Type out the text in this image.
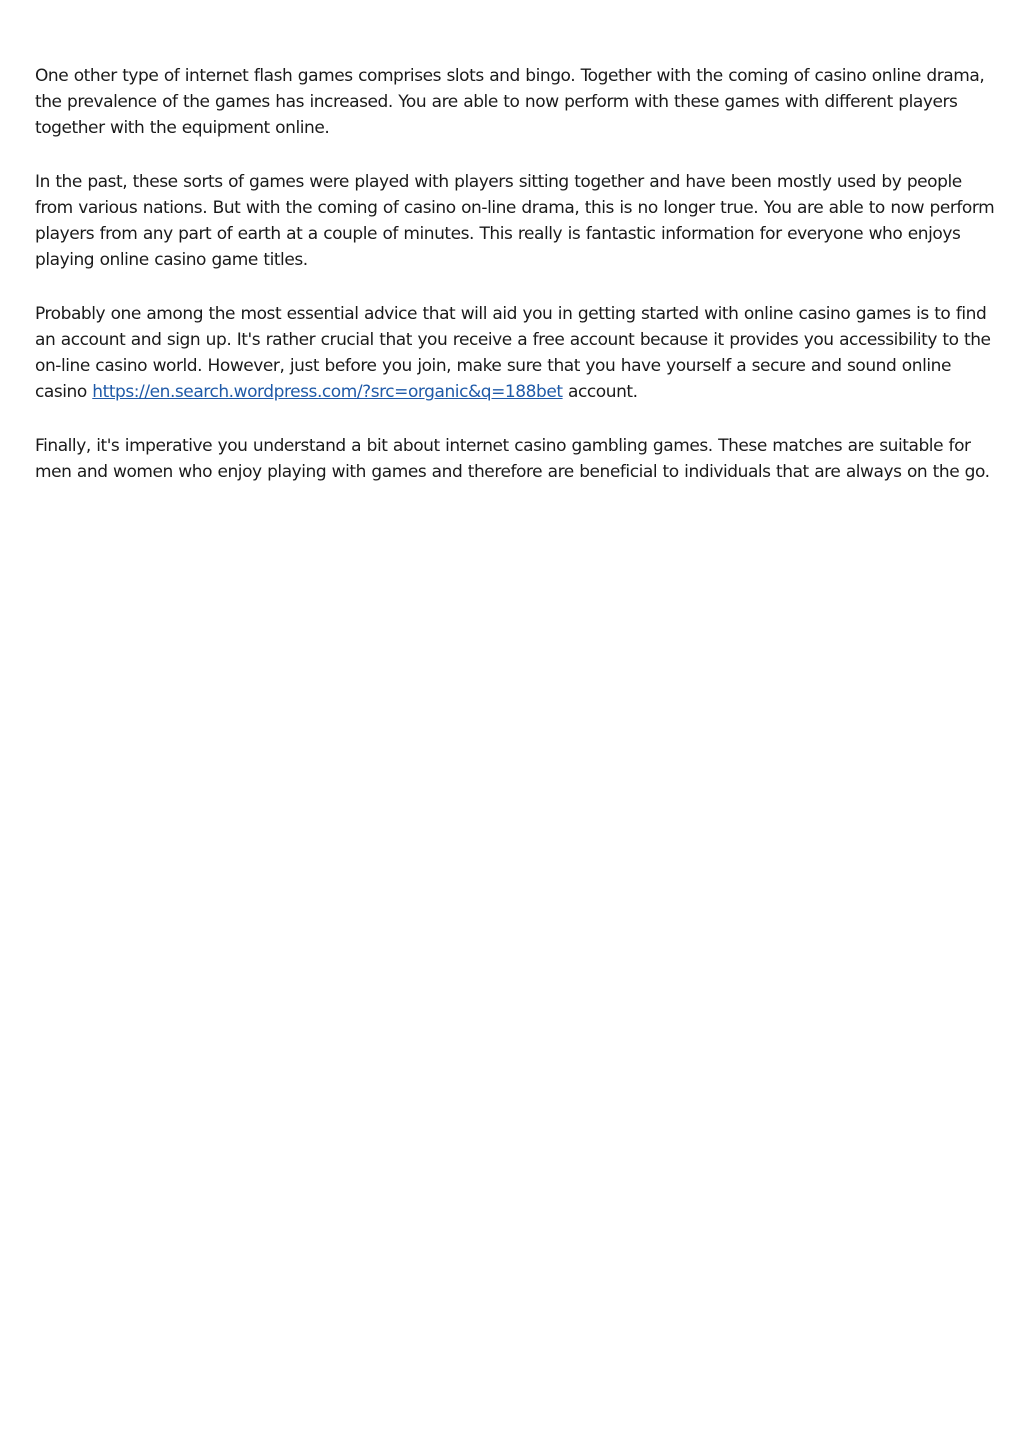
One other type of internet flash games comprises slots and bingo. Together with the coming of casino online drama, the prevalence of the games has increased. You are able to now perform with these games with different players together with the equipment online.

In the past, these sorts of games were played with players sitting together and have been mostly used by people from various nations. But with the coming of casino on-line drama, this is no longer true. You are able to now perform players from any part of earth at a couple of minutes. This really is fantastic information for everyone who enjoys playing online casino game titles.

Probably one among the most essential advice that will aid you in getting started with online casino games is to find an account and sign up. It's rather crucial that you receive a free account because it provides you accessibility to the on-line casino world. However, just before you join, make sure that you have yourself a secure and sound online casino https://en.search.wordpress.com/?src=organic&q=188bet account.

Finally, it's imperative you understand a bit about internet casino gambling games. These matches are suitable for men and women who enjoy playing with games and therefore are beneficial to individuals that are always on the go.
